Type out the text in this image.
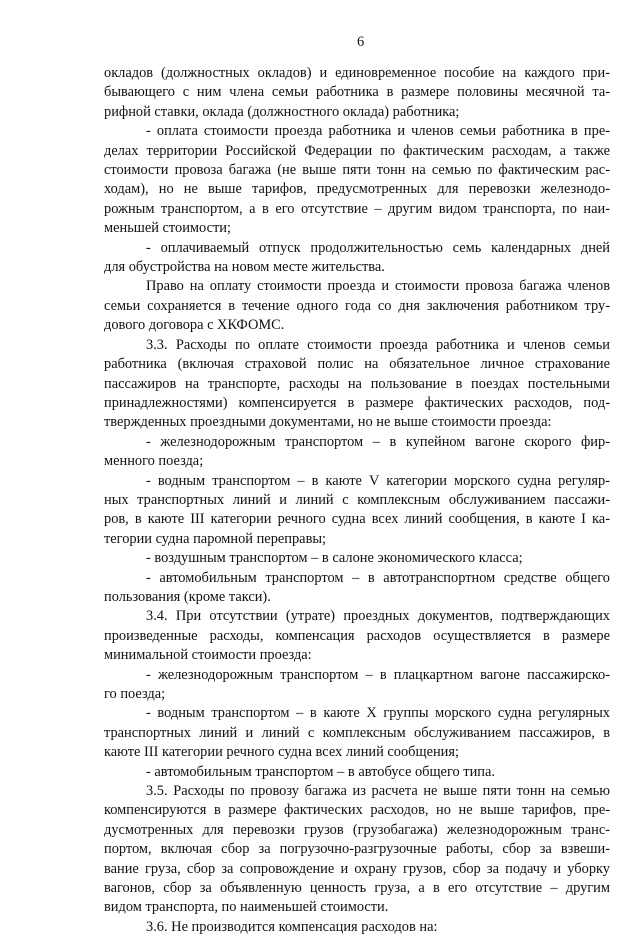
6
окладов (должностных окладов) и единовременное пособие на каждого при-
бывающего с ним члена семьи работника в размере половины месячной та-
рифной ставки, оклада (должностного оклада) работника;
- оплата стоимости проезда работника и членов семьи работника в пре-
делах территории Российской Федерации по фактическим расходам, а также
стоимости провоза багажа (не выше пяти тонн на семью по фактическим рас-
ходам), но не выше тарифов, предусмотренных для перевозки железнодо-
рожным транспортом, а в его отсутствие – другим видом транспорта, по наи-
меньшей стоимости;
- оплачиваемый отпуск продолжительностью семь календарных дней
для обустройства на новом месте жительства.
Право на оплату стоимости проезда и стоимости провоза багажа членов
семьи сохраняется в течение одного года со дня заключения работником тру-
дового договора с ХКФОМС.
3.3. Расходы по оплате стоимости проезда работника и членов семьи
работника (включая страховой полис на обязательное личное страхование
пассажиров на транспорте, расходы на пользование в поездах постельными
принадлежностями) компенсируется в размере фактических расходов, под-
твержденных проездными документами, но не выше стоимости проезда:
- железнодорожным транспортом – в купейном вагоне скорого фир-
менного поезда;
- водным транспортом – в каюте V категории морского судна регуляр-
ных транспортных линий и линий с комплексным обслуживанием пассажи-
ров, в каюте III категории речного судна всех линий сообщения, в каюте I ка-
тегории судна паромной переправы;
- воздушным транспортом – в салоне экономического класса;
- автомобильным транспортом – в автотранспортном средстве общего
пользования (кроме такси).
3.4. При отсутствии (утрате) проездных документов, подтверждающих
произведенные расходы, компенсация расходов осуществляется в размере
минимальной стоимости проезда:
- железнодорожным транспортом – в плацкартном вагоне пассажирско-
го поезда;
- водным транспортом – в каюте X группы морского судна регулярных
транспортных линий и линий с комплексным обслуживанием пассажиров, в
каюте III категории речного судна всех линий сообщения;
- автомобильным транспортом – в автобусе общего типа.
3.5. Расходы по провозу багажа из расчета не выше пяти тонн на семью
компенсируются в размере фактических расходов, но не выше тарифов, пре-
дусмотренных для перевозки грузов (грузобагажа) железнодорожным транс-
портом, включая сбор за погрузочно-разгрузочные работы, сбор за взвеши-
вание груза, сбор за сопровождение и охрану грузов, сбор за подачу и уборку
вагонов, сбор за объявленную ценность груза, а в его отсутствие – другим
видом транспорта, по наименьшей стоимости.
3.6. Не производится компенсация расходов на:
